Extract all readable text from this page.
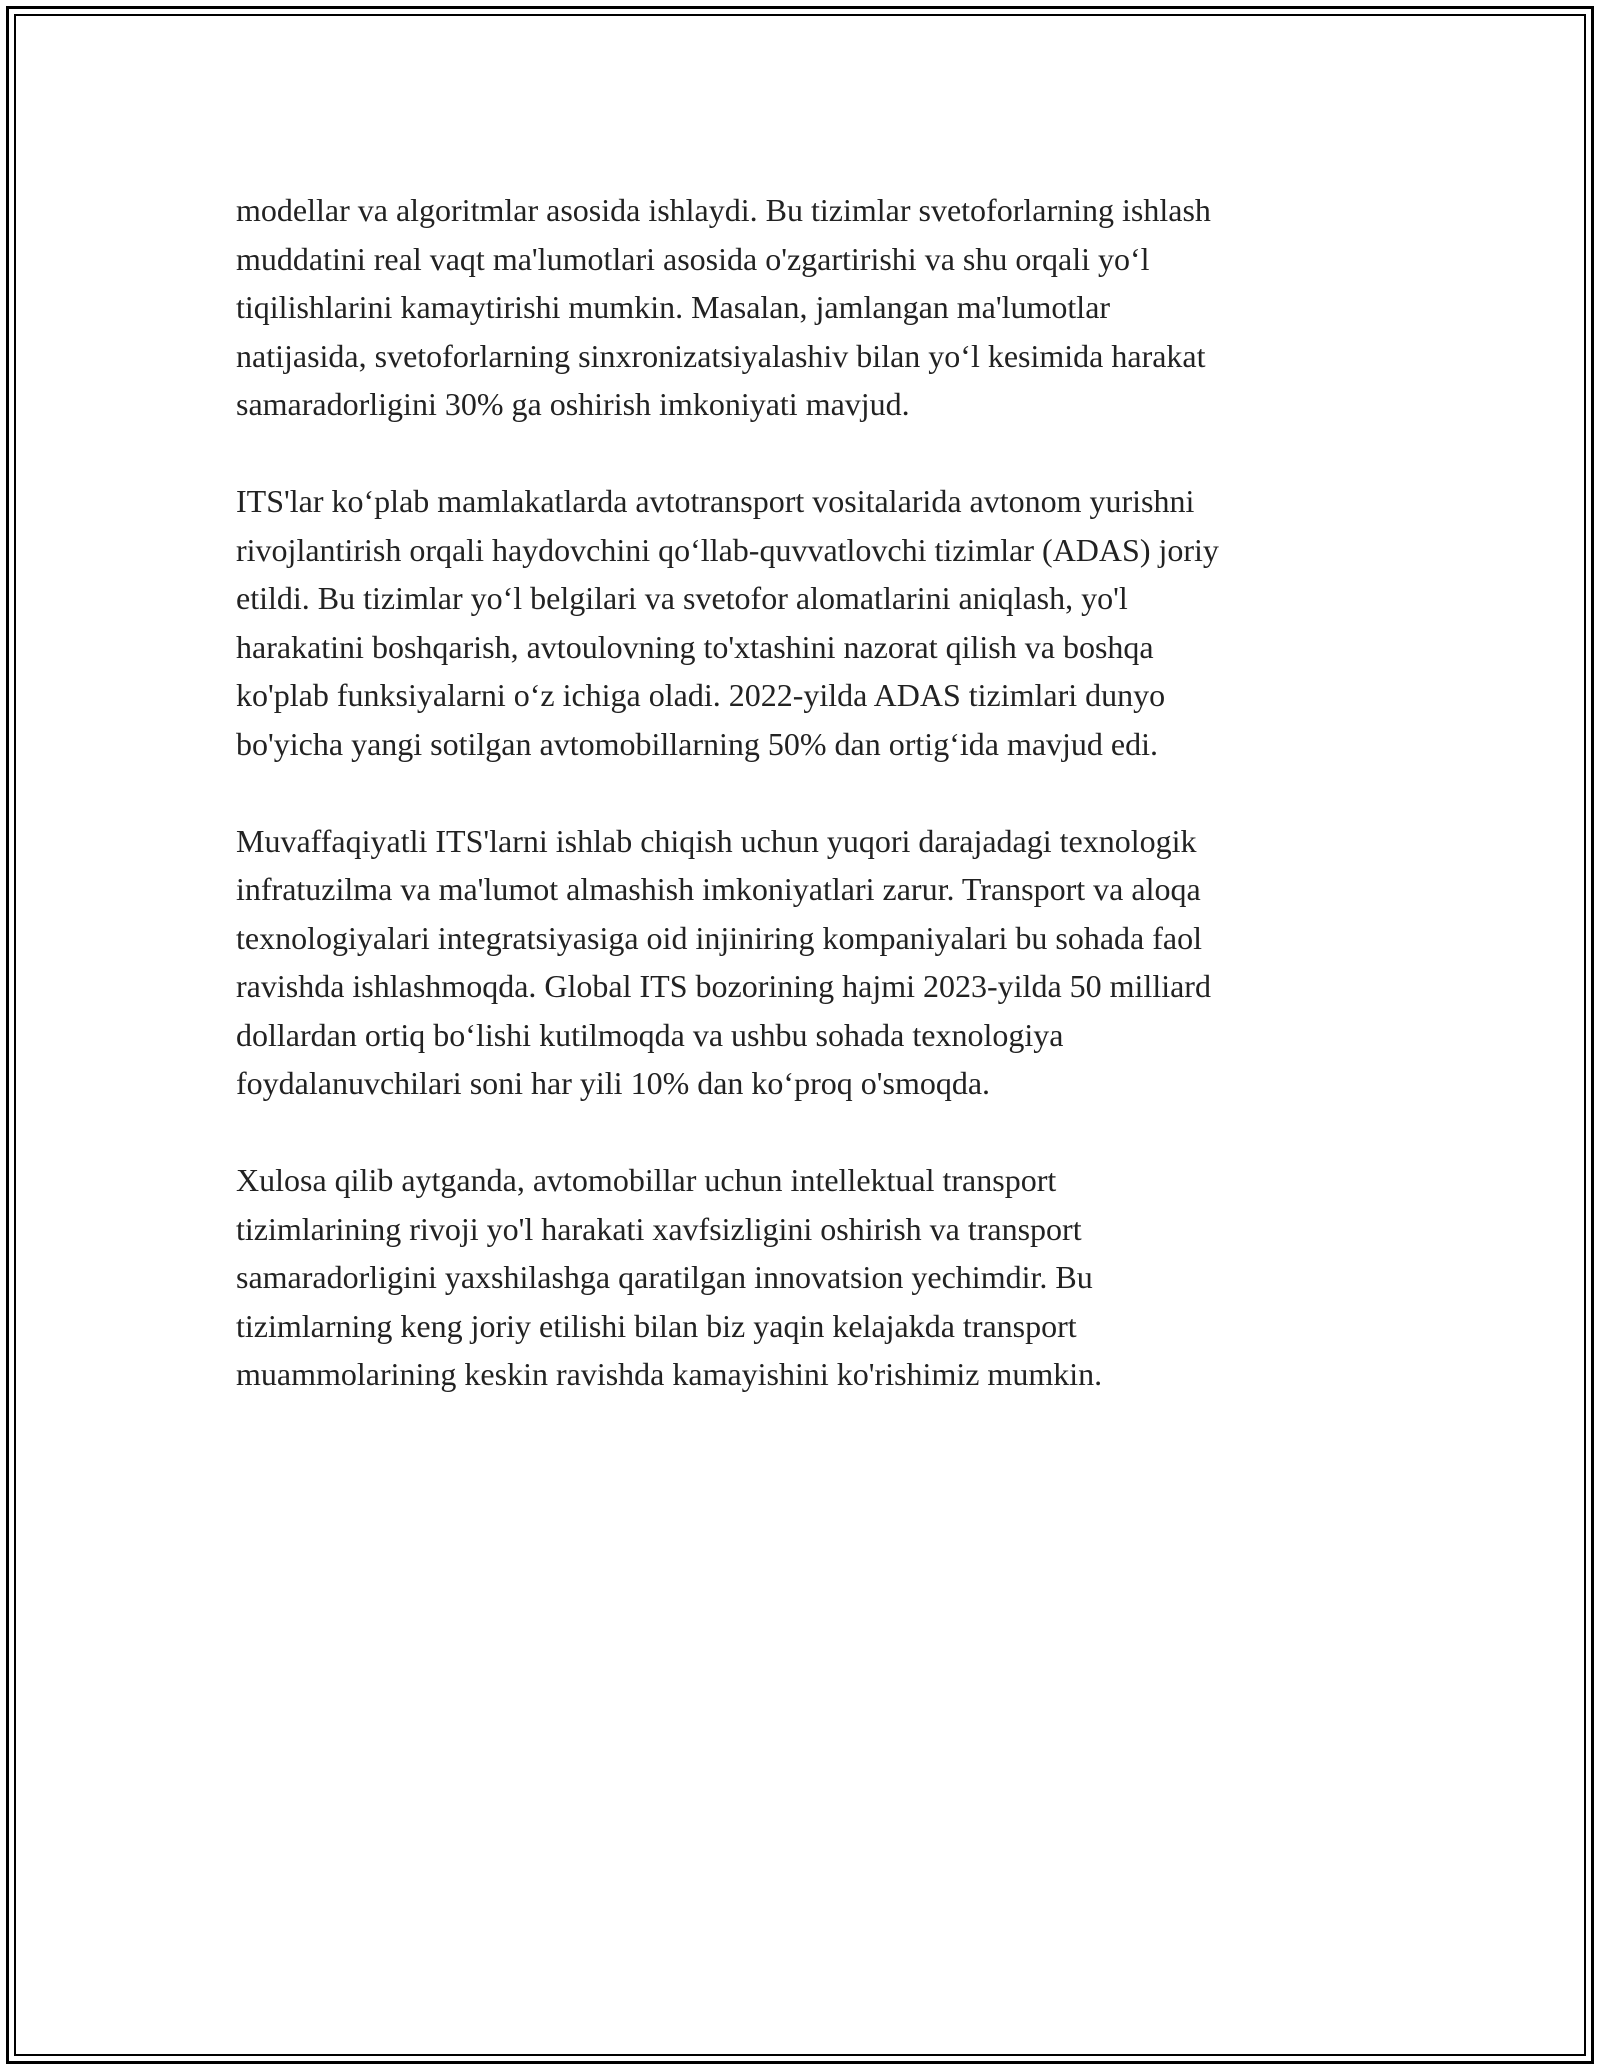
modellar va algoritmlar asosida ishlaydi. Bu tizimlar svetoforlarning ishlash
muddatini real vaqt ma'lumotlari asosida o'zgartirishi va shu orqali yo‘l
tiqilishlarini kamaytirishi mumkin. Masalan, jamlangan ma'lumotlar
natijasida, svetoforlarning sinxronizatsiyalashiv bilan yo‘l kesimida harakat
samaradorligini 30% ga oshirish imkoniyati mavjud.

ITS'lar ko‘plab mamlakatlarda avtotransport vositalarida avtonom yurishni
rivojlantirish orqali haydovchini qo‘llab-quvvatlovchi tizimlar (ADAS) joriy
etildi. Bu tizimlar yo‘l belgilari va svetofor alomatlarini aniqlash, yo'l
harakatini boshqarish, avtoulovning to'xtashini nazorat qilish va boshqa
ko'plab funksiyalarni o‘z ichiga oladi. 2022-yilda ADAS tizimlari dunyo
bo'yicha yangi sotilgan avtomobillarning 50% dan ortig‘ida mavjud edi.

Muvaffaqiyatli ITS'larni ishlab chiqish uchun yuqori darajadagi texnologik
infratuzilma va ma'lumot almashish imkoniyatlari zarur. Transport va aloqa
texnologiyalari integratsiyasiga oid injiniring kompaniyalari bu sohada faol
ravishda ishlashmoqda. Global ITS bozorining hajmi 2023-yilda 50 milliard
dollardan ortiq bo‘lishi kutilmoqda va ushbu sohada texnologiya
foydalanuvchilari soni har yili 10% dan ko‘proq o'smoqda.

Xulosa qilib aytganda, avtomobillar uchun intellektual transport
tizimlarining rivoji yo'l harakati xavfsizligini oshirish va transport
samaradorligini yaxshilashga qaratilgan innovatsion yechimdir. Bu
tizimlarning keng joriy etilishi bilan biz yaqin kelajakda transport
muammolarining keskin ravishda kamayishini ko'rishimiz mumkin.
